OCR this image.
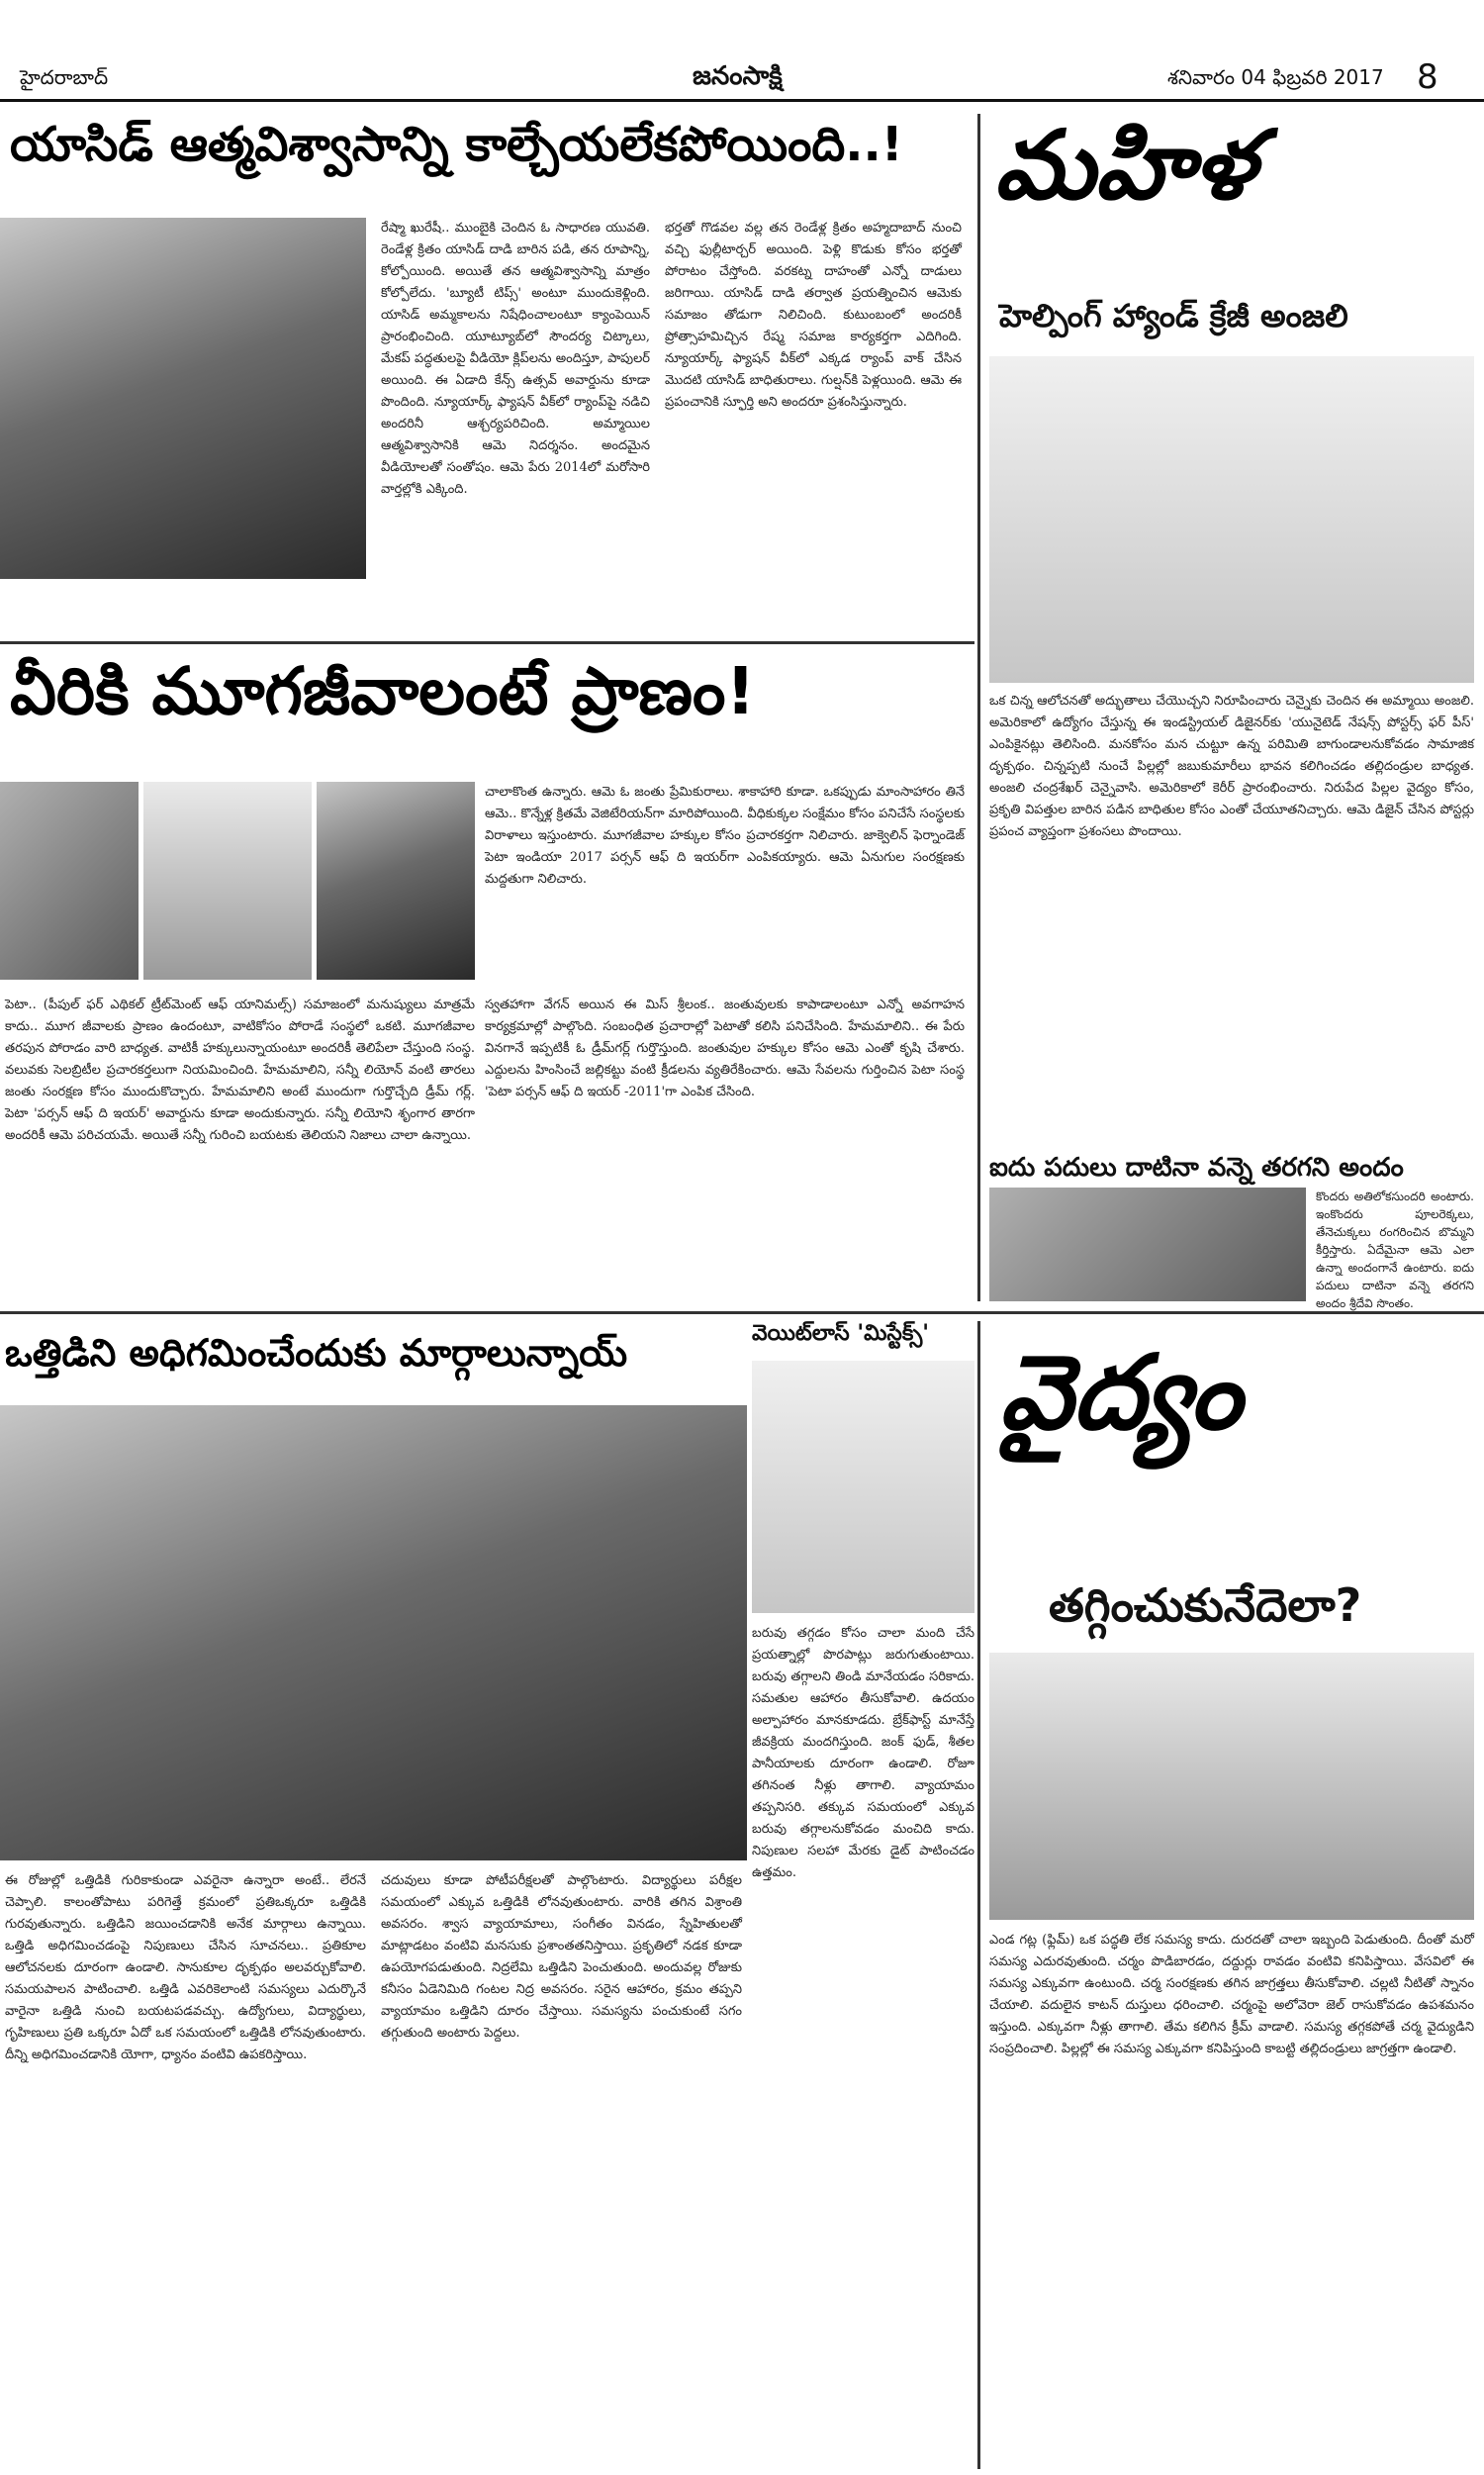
హైదరాబాద్	జనంసాక్షి	శనివారం 04 ఫిబ్రవరి 2017 8
యాసిడ్ ఆత్మవిశ్వాసాన్ని కాల్చేయలేకపోయింది..!
రేష్మా ఖురేషీ.. ముంబైకి చెందిన ఓ సాధారణ యువతి. రెండేళ్ల క్రితం యాసిడ్ దాడి బారిన పడి, తన రూపాన్ని, కోల్పోయింది. అయితే తన ఆత్మవిశ్వాసాన్ని మాత్రం కోల్పోలేదు. 'బ్యూటీ టిప్స్' అంటూ ముందుకెళ్లింది. యాసిడ్ అమ్మకాలను నిషేధించాలంటూ క్యాంపెయిన్ ప్రారంభించింది. యూట్యూబ్‌లో సౌందర్య చిట్కాలు, మేకప్ పద్ధతులపై వీడియో క్లిప్‌లను అందిస్తూ, పాపులర్ అయింది. ఈ ఏడాది కేన్స్ ఉత్సవ్ అవార్డును కూడా పొందింది. న్యూయార్క్ ఫ్యాషన్ వీక్‌లో ర్యాంప్‌పై నడిచి అందరినీ ఆశ్చర్యపరిచింది. అమ్మాయిల ఆత్మవిశ్వాసానికి ఆమె నిదర్శనం. అందమైన వీడియోలతో సంతోషం. ఆమె పేరు 2014లో మరోసారి వార్తల్లోకి ఎక్కింది.
భర్తతో గొడవల వల్ల తన రెండేళ్ల క్రితం అహ్మదాబాద్ నుంచి వచ్చి ఫుల్లీటార్చర్ అయింది. పెళ్లి కొడుకు కోసం భర్తతో పోరాటం చేస్తోంది. వరకట్న దాహంతో ఎన్నో దాడులు జరిగాయి. యాసిడ్ దాడి తర్వాత ప్రయత్నించిన ఆమెకు సమాజం తోడుగా నిలిచింది. కుటుంబంలో అందరికీ ప్రోత్సాహమిచ్చిన రేష్మ సమాజ కార్యకర్తగా ఎదిగింది. న్యూయార్క్ ఫ్యాషన్ వీక్‌లో ఎక్కడ ర్యాంప్ వాక్ చేసిన మొదటి యాసిడ్ బాధితురాలు. గుల్షన్‌కి పెళ్లయింది. ఆమె ఈ ప్రపంచానికి స్ఫూర్తి అని అందరూ ప్రశంసిస్తున్నారు.
వీరికి మూగజీవాలంటే ప్రాణం!
చాలాకొంత ఉన్నారు. ఆమె ఓ జంతు ప్రేమికురాలు. శాకాహారి కూడా. ఒకప్పుడు మాంసాహారం తినే ఆమె.. కొన్నేళ్ల క్రితమే వెజిటేరియన్‌గా మారిపోయింది. వీధికుక్కల సంక్షేమం కోసం పనిచేసే సంస్థలకు విరాళాలు ఇస్తుంటారు. మూగజీవాల హక్కుల కోసం ప్రచారకర్తగా నిలిచారు. జాక్వెలిన్ ఫెర్నాండెజ్ పెటా ఇండియా 2017 పర్సన్ ఆఫ్ ది ఇయర్‌గా ఎంపికయ్యారు. ఆమె ఏనుగుల సంరక్షణకు మద్దతుగా నిలిచారు.
పెటా.. (పీపుల్ ఫర్ ఎథికల్ ట్రీట్‌మెంట్ ఆఫ్ యానిమల్స్) సమాజంలో మనుష్యులు మాత్రమే కాదు.. మూగ జీవాలకు ప్రాణం ఉందంటూ, వాటికోసం పోరాడే సంస్థలో ఒకటి. మూగజీవాల తరపున పోరాడం వారి బాధ్యత. వాటికీ హక్కులున్నాయంటూ అందరికీ తెలిపేలా చేస్తుంది సంస్థ. వలువకు సెలబ్రిటీల ప్రచారకర్తలుగా నియమించింది. హేమమాలిని, సన్నీ లియోన్ వంటి తారలు జంతు సంరక్షణ కోసం ముందుకొచ్చారు. హేమమాలిని అంటే ముందుగా గుర్తొచ్చేది డ్రీమ్ గర్ల్. పెటా 'పర్సన్ ఆఫ్ ది ఇయర్' అవార్డును కూడా అందుకున్నారు. సన్నీ లియోని శృంగార తారగా అందరికీ ఆమె పరిచయమే. అయితే సన్నీ గురించి బయటకు తెలియని నిజాలు చాలా ఉన్నాయి.
స్వతహాగా వేగన్ అయిన ఈ మిస్ శ్రీలంక.. జంతువులకు కాపాడాలంటూ ఎన్నో అవగాహన కార్యక్రమాల్లో పాల్గొంది. సంబంధిత ప్రచారాల్లో పెటాతో కలిసి పనిచేసింది. హేమమాలిని.. ఈ పేరు వినగానే ఇప్పటికీ ఓ డ్రీమ్‌గర్ల్ గుర్తొస్తుంది. జంతువుల హక్కుల కోసం ఆమె ఎంతో కృషి చేశారు. ఎద్దులను హింసించే జల్లికట్టు వంటి క్రీడలను వ్యతిరేకించారు. ఆమె సేవలను గుర్తించిన పెటా సంస్థ 'పెటా పర్సన్ ఆఫ్ ది ఇయర్ -2011'గా ఎంపిక చేసింది.
మహిళ
హెల్పింగ్ హ్యాండ్ క్రేజీ అంజలి
ఒక చిన్న ఆలోచనతో అద్భుతాలు చేయొచ్చని నిరూపించారు చెన్నైకు చెందిన ఈ అమ్మాయి అంజలి. అమెరికాలో ఉద్యోగం చేస్తున్న ఈ ఇండస్ట్రియల్ డిజైనర్‌కు 'యునైటెడ్ నేషన్స్ పోస్టర్స్ ఫర్ పీస్' ఎంపికైనట్లు తెలిసింది. మనకోసం మన చుట్టూ ఉన్న పరిమితి బాగుండాలనుకోవడం సామాజిక దృక్పథం. చిన్నప్పటి నుంచే పిల్లల్లో జబుకుమారీలు భావన కలిగించడం తల్లిదండ్రుల బాధ్యత. అంజలి చంద్రశేఖర్ చెన్నైవాసి. అమెరికాలో కెరీర్ ప్రారంభించారు. నిరుపేద పిల్లల వైద్యం కోసం, ప్రకృతి విపత్తుల బారిన పడిన బాధితుల కోసం ఎంతో చేయూతనిచ్చారు. ఆమె డిజైన్ చేసిన పోస్టర్లు ప్రపంచ వ్యాప్తంగా ప్రశంసలు పొందాయి.
ఐదు పదులు దాటినా వన్నె తరగని అందం
కొందరు అతిలోకసుందరి అంటారు. ఇంకొందరు పూలరెక్కలు, తేనెచుక్కలు రంగరించిన బొమ్మని కీర్తిస్తారు. ఏదేమైనా ఆమె ఎలా ఉన్నా అందంగానే ఉంటారు. ఐదు పదులు దాటినా వన్నె తరగని అందం శ్రీదేవి సొంతం.
ఒత్తిడిని అధిగమించేందుకు మార్గాలున్నాయ్	వెయిట్‌లాస్ 'మిస్టేక్స్'
బరువు తగ్గడం కోసం చాలా మంది చేసే ప్రయత్నాల్లో పొరపాట్లు జరుగుతుంటాయి. బరువు తగ్గాలని తిండి మానేయడం సరికాదు. సమతుల ఆహారం తీసుకోవాలి. ఉదయం అల్పాహారం మానకూడదు. బ్రేక్‌ఫాస్ట్ మానేస్తే జీవక్రియ మందగిస్తుంది. జంక్ ఫుడ్, శీతల పానీయాలకు దూరంగా ఉండాలి. రోజూ తగినంత నీళ్లు తాగాలి. వ్యాయామం తప్పనిసరి. తక్కువ సమయంలో ఎక్కువ బరువు తగ్గాలనుకోవడం మంచిది కాదు. నిపుణుల సలహా మేరకు డైట్ పాటించడం ఉత్తమం.
ఈ రోజుల్లో ఒత్తిడికి గురికాకుండా ఎవరైనా ఉన్నారా అంటే.. లేరనే చెప్పాలి. కాలంతోపాటు పరిగెత్తే క్రమంలో ప్రతిఒక్కరూ ఒత్తిడికి గురవుతున్నారు. ఒత్తిడిని జయించడానికి అనేక మార్గాలు ఉన్నాయి. ఒత్తిడి అధిగమించడంపై నిపుణులు చేసిన సూచనలు.. ప్రతికూల ఆలోచనలకు దూరంగా ఉండాలి. సానుకూల దృక్పథం అలవర్చుకోవాలి. సమయపాలన పాటించాలి. ఒత్తిడి ఎవరికెలాంటి సమస్యలు ఎదుర్కొనే వారైనా ఒత్తిడి నుంచి బయటపడవచ్చు. ఉద్యోగులు, విద్యార్థులు, గృహిణులు ప్రతి ఒక్కరూ ఏదో ఒక సమయంలో ఒత్తిడికి లోనవుతుంటారు. దీన్ని అధిగమించడానికి యోగా, ధ్యానం వంటివి ఉపకరిస్తాయి.
చదువులు కూడా పోటీపరీక్షలతో పాల్గొంటారు. విద్యార్థులు పరీక్షల సమయంలో ఎక్కువ ఒత్తిడికి లోనవుతుంటారు. వారికి తగిన విశ్రాంతి అవసరం. శ్వాస వ్యాయామాలు, సంగీతం వినడం, స్నేహితులతో మాట్లాడటం వంటివి మనసుకు ప్రశాంతతనిస్తాయి. ప్రకృతిలో నడక కూడా ఉపయోగపడుతుంది. నిద్రలేమి ఒత్తిడిని పెంచుతుంది. అందువల్ల రోజుకు కనీసం ఏడెనిమిది గంటల నిద్ర అవసరం. సరైన ఆహారం, క్రమం తప్పని వ్యాయామం ఒత్తిడిని దూరం చేస్తాయి. సమస్యను పంచుకుంటే సగం తగ్గుతుంది అంటారు పెద్దలు.
వైద్యం
తగ్గించుకునేదెలా?
ఎండ గట్ల (ఫ్లిమ్) ఒక పద్ధతి లేక సమస్య కాదు. దురదతో చాలా ఇబ్బంది పెడుతుంది. దీంతో మరో సమస్య ఎదురవుతుంది. చర్మం పొడిబారడం, దద్దుర్లు రావడం వంటివి కనిపిస్తాయి. వేసవిలో ఈ సమస్య ఎక్కువగా ఉంటుంది. చర్మ సంరక్షణకు తగిన జాగ్రత్తలు తీసుకోవాలి. చల్లటి నీటితో స్నానం చేయాలి. వదులైన కాటన్ దుస్తులు ధరించాలి. చర్మంపై అలోవెరా జెల్ రాసుకోవడం ఉపశమనం ఇస్తుంది. ఎక్కువగా నీళ్లు తాగాలి. తేమ కలిగిన క్రీమ్ వాడాలి. సమస్య తగ్గకపోతే చర్మ వైద్యుడిని సంప్రదించాలి. పిల్లల్లో ఈ సమస్య ఎక్కువగా కనిపిస్తుంది కాబట్టి తల్లిదండ్రులు జాగ్రత్తగా ఉండాలి.
